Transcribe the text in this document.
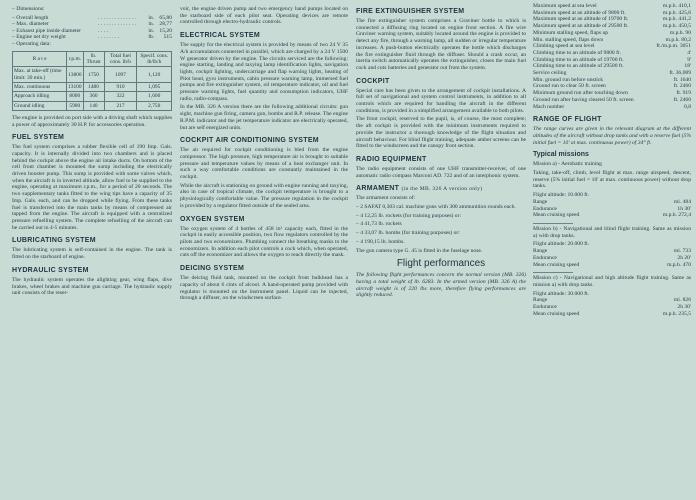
– Dimensions:

– Overall length	. . . . . . . . . . . . . .	in.	65,80
– Max. diameter	. . . . . . . . . . . . . .	in.	28,77
– Exhaust pipe inside diameter	. . . .	in.	15,20
– Engine net dry weight	. . . . . . . .	lb.	515

– Operating data:

R a t e	r.p.m.	lb. Thrust	Total fuel cons. lb/h	Specif. cons. lb/lb/h
Max. at take-off (time limit: 30 min.)	13800	1750	1097	1,120
Max. continuous	13100	1480	910	1,095
Approach idling	8000	360	322	1,600
Ground idling	5900	140	217	2,750

The engine is provided on port side with a driving shaft which supplies a power of approximately 30 H.P. for accessories operation.

FUEL SYSTEM

The fuel system comprises a rubber flexible cell of 190 Imp. Gals. capacity. It is internally divided into two chambers and is placed behind the cockpit above the engine air intake ducts. On bottom of the cell front chamber is mounted the sump including the electrically driven booster pump. This sump is provided with some valves which, when the aircraft is in inverted altitude, allow fuel to be supplied to the engine, operating at maximum r.p.m., for a period of 20 seconds. The two supplementary tanks fitted to the wing tips have a capacity of 35 Imp. Gals. each, and can be dropped while flying. From these tanks fuel is transferred into the main tanks by means of compressed air tapped from the engine. The aircraft is equipped with a centralized pressure refuelling system. The complete refuelling of the aircraft can be carried out in 4-5 minutes.

LUBRICATING SYSTEM

The lubricating system is self-contained in the engine. The tank is fitted on the starboard of engine.

HYDRAULIC SYSTEM

The hydraulic system operates the alighting gear, wing flaps, dive brakes, wheel brakes and machine gun carriage. The hydraulic supply unit consists of the reser-

voir, the engine driven pump and two emergency hand pumps located on the starboard side of each pilot seat. Operating devices are remote controlled through electro-hydraulic controls.

ELECTRICAL SYSTEM

The supply for the electrical system is provided by means of two 24 V 35 A/h accumulators connected in parallel, which are charged by a 24 V 1500 W generator driven by the engine. The circuits serviced are the following: engine starting, landing and taxying lamp identification lights, navigation lights, cockpit lighting, undercarriage and flap warning lights, heating of Pitot head, gyro instruments, cabin pressure warning lamp, immersed fuel pumps and fire extinguisher system, oil temperature indicator, oil and fuel pressure warning lights, fuel quantity and consumption indicators, UHF radio, radio-compass.

In the MB. 326 A version there are the following additional circuits: gun sight, machine gun firing, camera gun, bombs and R.P. release. The engine R.P.M. indicator and the jet temperature indicator are electrically operated, but are self energized units.

COCKPIT AIR CONDITIONING SYSTEM

The air required for cockpit conditioning is bled from the engine compressor. The high pressure, high temperature air is brought to suitable pressure and temperature values by means of a heat exchanger unit. In such a way comfortable conditions are constantly maintained in the cockpit.

While the aircraft is stationing on ground with engine running and taxying, also in case of tropical climate, the cockpit temperature is brought to a physiologically comfortable value. The pressure regulation in the cockpit is provided by a regulator fitted outside of the sealed area.

OXYGEN SYSTEM

The oxygen system of 4 bottles of 458 in³ capacity each, fitted in the cockpit in easily accessible position, two flow regulators controlled by the pilots and two economizers. Plumbing connect the breathing masks to the economizers. In addition each pilot controls a cock which, when operated, cuts off the economizer and allows the oxygen to reach directly the mask.

DEICING SYSTEM

The deicing fluid tank, mounted on the cockpit front bulkhead has a capacity of about 6 cints of alcool. A hand-operated pump provided with regulator is mounted on the instrument panel. Liquid can be injected, through a diffuser, on the windscreen surface.

FIRE EXTINGUISHER SYSTEM

The fire extinguisher system comprises a Graviner bottle to which is connected a diffusing ring located on engine front section. A fire wire Graviner warning system, suitably located around the engine is provided to detect any fire, through a warning lamp, all sudden or irregular temperature increases. A push-button electrically operates the bottle which discharges the fire extinguisher fluid through the diffuser. Should a crash occur, an inertia switch automatically operates the extinguisher, closes the main fuel cock and cuts batteries and generator out from the system.

COCKPIT

Special care has been given to the arrangement of cockpit installations. A full set of navigational and system control instruments, in addition to all controls which are required for handling the aircraft in the different conditions, is provided in a simplified arrangement available to both pilots.

The front cockpit, reserved to the pupil, is, of course, the most complete; the aft cockpit is provided with the minimum instruments required to provide the instructor a thorough knowledge of the flight situation and aircraft behaviour. For blind flight training, adequate amber screens can be fitted to the windscreen and the canopy front section.

RADIO EQUIPMENT

The radio equipment consists of one UHF transmitter-receiver, of one automatic radio compass Marconi AD. 722 and of an interphonic system.

ARMAMENT (in the MB. 326 A version only)

The armament consists of:

– 2 SAFAT 0,303 cal. machine guns with 300 ammunition rounds each.

– 4 12,25 lb. rockets (for training purposes) or:

– 4 41,73 lb. rockets

– 4 33,07 lb. bombs (for training purposes) or:

– 4 190,15 lb. bombs.

The gun camera type G. 45 is fitted in the fuselage nose.

Flight performances

The following flight performances concern the normal version (MB. 326) having a total weight of lb. 6283. In the armed version (MB. 326 A) the aircraft weight is of 220 lbs more, therefore flying performances are slightly reduced.

Maximum speed at sea level	m.p.h. 410,1
Maximum speed at an altitude of 9800 ft.	m.p.h. 425,6
Maximum speed at an altitude of 19700 ft.	m.p.h. 441,2
Maximum speed at an altitude of 29500 ft.	m.p.h. 450,5
Minimum stalling speed, flaps up	m.p.h. 90
Min. stalling speed, flaps down	m.p.h. 80,2
Climbing speed at sea level	ft./m.p.m. 3051
Climbing time to an altitude of 9800 ft.	4'
Climbing time to an altitude of 19700 ft.	9'
Climbing time to an altitude of 29500 ft.	18'
Service ceiling	ft. 36,089
Min. ground run before unstick	ft. 1640
Ground run to clear 50 ft. screen	ft. 2460
Minimum ground run after touching down	ft. 919
Ground run after having cleared 50 ft. screen	ft. 2460
Mach number	0,8
RANGE OF FLIGHT

The range curves are given in the relevant diagram at the different altitudes of the aircraft without drop tanks and with a reserve fuel (5% initial fuel = 10' at max. continuous power) of 34° ft.

Typical missions

Mission a) - Aerobatic training

Taking, take-off, climb, level flight at max. range airspeed, descent, reserve (5% initial fuel = 10' at max. continuous power) without drop tanks.

Flight altitude: 10.000 ft.
Range	mi. 484
Endurance	1h 30'
Mean cruising speed	m.p.h. 272,4

Mission b) - Navigational and blind flight training. Same as mission a) with drop tanks.

Flight altitude: 20.000 ft.
Range	mi. 733
Endurance	2h 20'
Mean cruising speed	m.p.h. 470

Mission c) - Navigational and high altitude flight training. Same as mission a) with drop tanks.

Flight altitude: 30.000 ft.
Range	mi. 826
Endurance	2h 30'
Mean cruising speed	m.p.h. 235,5
